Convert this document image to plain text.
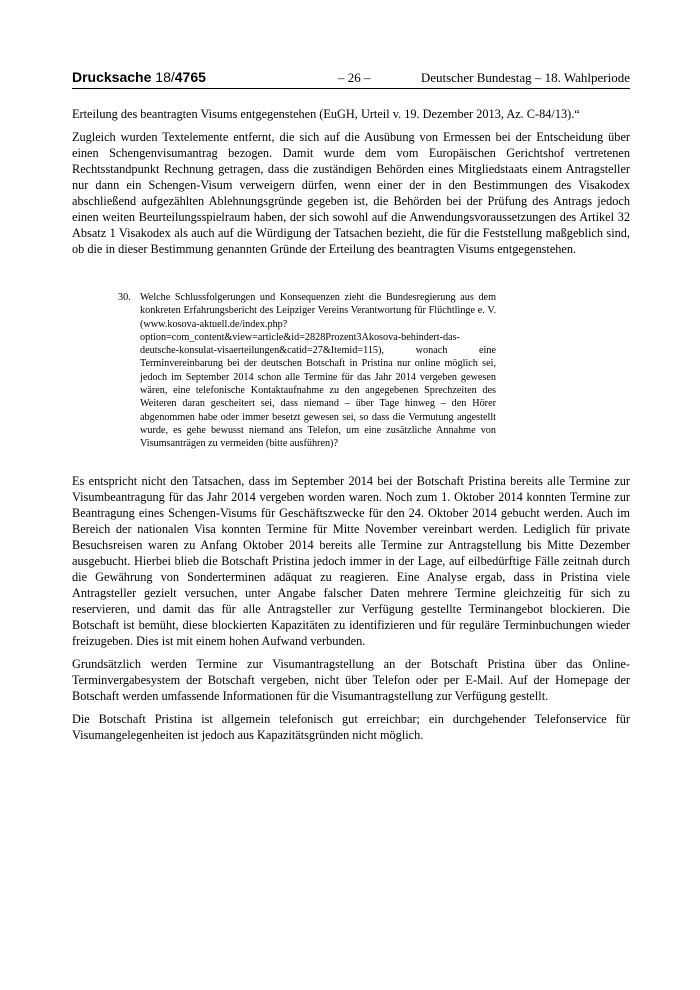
Drucksache 18/4765	– 26 –	Deutscher Bundestag – 18. Wahlperiode

Erteilung des beantragten Visums entgegenstehen (EuGH, Urteil v. 19. Dezember 2013, Az. C-84/13).“

Zugleich wurden Textelemente entfernt, die sich auf die Ausübung von Ermessen bei der Entscheidung über einen Schengenvisumantrag bezogen. Damit wurde dem vom Europäischen Gerichtshof vertretenen Rechtsstandpunkt Rechnung getragen, dass die zuständigen Behörden eines Mitgliedstaats einem Antragsteller nur dann ein Schengen-Visum verweigern dürfen, wenn einer der in den Bestimmungen des Visakodex abschließend aufgezählten Ablehnungsgründe gegeben ist, die Behörden bei der Prüfung des Antrags jedoch einen weiten Beurteilungsspielraum haben, der sich sowohl auf die Anwendungsvoraussetzungen des Artikel 32 Absatz 1 Visakodex als auch auf die Würdigung der Tatsachen bezieht, die für die Feststellung maßgeblich sind, ob die in dieser Bestimmung genannten Gründe der Erteilung des beantragten Visums entgegenstehen.

30. Welche Schlussfolgerungen und Konsequenzen zieht die Bundesregierung aus dem konkreten Erfahrungsbericht des Leipziger Vereins Verantwortung für Flüchtlinge e. V. (www.kosova-aktuell.de/index.​php?option=com_content&view=article&id=2828Prozent3Akosova-​behindert-das-deutsche-konsulat-visaerteilungen&catid=27&Itemid=115), wonach eine Terminvereinbarung bei der deutschen Botschaft in Pristina nur online möglich sei, jedoch im September 2014 schon alle Termine für das Jahr 2014 vergeben gewesen wären, eine telefonische Kontaktaufnahme zu den angegebenen Sprechzeiten des Weiteren daran gescheitert sei, dass niemand – über Tage hinweg – den Hörer abgenommen habe oder immer besetzt gewesen sei, so dass die Vermutung angestellt wurde, es gehe bewusst niemand ans Telefon, um eine zusätzliche Annahme von Visumsanträgen zu vermeiden (bitte ausführen)?

Es entspricht nicht den Tatsachen, dass im September 2014 bei der Botschaft Pristina bereits alle Termine zur Visumbeantragung für das Jahr 2014 vergeben worden waren. Noch zum 1. Oktober 2014 konnten Termine zur Beantragung eines Schengen-Visums für Geschäftszwecke für den 24. Oktober 2014 gebucht werden. Auch im Bereich der nationalen Visa konnten Termine für Mitte November vereinbart werden. Lediglich für private Besuchsreisen waren zu Anfang Oktober 2014 bereits alle Termine zur Antragstellung bis Mitte Dezember ausgebucht. Hierbei blieb die Botschaft Pristina jedoch immer in der Lage, auf eilbedürftige Fälle zeitnah durch die Gewährung von Sonderterminen adäquat zu reagieren. Eine Analyse ergab, dass in Pristina viele Antragsteller gezielt versuchen, unter Angabe falscher Daten mehrere Termine gleichzeitig für sich zu reservieren, und damit das für alle Antragsteller zur Verfügung gestellte Terminangebot blockieren. Die Botschaft ist bemüht, diese blockierten Kapazitäten zu identifizieren und für reguläre Terminbuchungen wieder freizugeben. Dies ist mit einem hohen Aufwand verbunden.

Grundsätzlich werden Termine zur Visumantragstellung an der Botschaft Pristina über das Online-Terminvergabesystem der Botschaft vergeben, nicht über Telefon oder per E-Mail. Auf der Homepage der Botschaft werden umfassende Informationen für die Visumantragstellung zur Verfügung gestellt.

Die Botschaft Pristina ist allgemein telefonisch gut erreichbar; ein durchgehender Telefonservice für Visumangelegenheiten ist jedoch aus Kapazitätsgründen nicht möglich.
